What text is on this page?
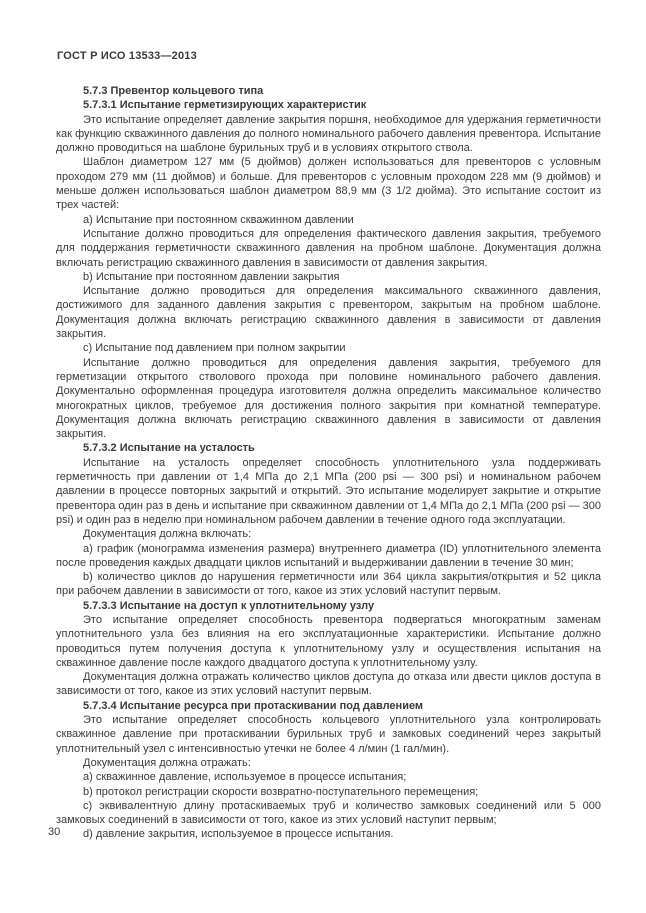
ГОСТ Р ИСО 13533—2013

5.7.3 Превентор кольцевого типа

5.7.3.1 Испытание герметизирующих характеристик

Это испытание определяет давление закрытия поршня, необходимое для удержания герметичности как функцию скважинного давления до полного номинального рабочего давления превентора. Испытание должно проводиться на шаблоне бурильных труб и в условиях открытого ствола.

Шаблон диаметром 127 мм (5 дюймов) должен использоваться для превенторов с условным проходом 279 мм (11 дюймов) и больше. Для превенторов с условным проходом 228 мм (9 дюймов) и меньше должен использоваться шаблон диаметром 88,9 мм (3 1/2 дюйма). Это испытание состоит из трех частей:

a) Испытание при постоянном скважинном давлении

Испытание должно проводиться для определения фактического давления закрытия, требуемого для поддержания герметичности скважинного давления на пробном шаблоне. Документация должна включать регистрацию скважинного давления в зависимости от давления закрытия.

b) Испытание при постоянном давлении закрытия

Испытание должно проводиться для определения максимального скважинного давления, достижимого для заданного давления закрытия с превентором, закрытым на пробном шаблоне. Документация должна включать регистрацию скважинного давления в зависимости от давления закрытия.

c) Испытание под давлением при полном закрытии

Испытание должно проводиться для определения давления закрытия, требуемого для герметизации открытого стволового прохода при половине номинального рабочего давления. Документально оформленная процедура изготовителя должна определить максимальное количество многократных циклов, требуемое для достижения полного закрытия при комнатной температуре. Документация должна включать регистрацию скважинного давления в зависимости от давления закрытия.

5.7.3.2 Испытание на усталость

Испытание на усталость определяет способность уплотнительного узла поддерживать герметичность при давлении от 1,4 МПа до 2,1 МПа (200 psi — 300 psi) и номинальном рабочем давлении в процессе повторных закрытий и открытий. Это испытание моделирует закрытие и открытие превентора один раз в день и испытание при скважинном давлении от 1,4 МПа до 2,1 МПа (200 psi — 300 psi) и один раз в неделю при номинальном рабочем давлении в течение одного года эксплуатации.

Документация должна включать:

a) график (монограмма изменения размера) внутреннего диаметра (ID) уплотнительного элемента после проведения каждых двадцати циклов испытаний и выдерживании давлении в течение 30 мин;

b) количество циклов до нарушения герметичности или 364 цикла закрытия/открытия и 52 цикла при рабочем давлении в зависимости от того, какое из этих условий наступит первым.

5.7.3.3 Испытание на доступ к уплотнительному узлу

Это испытание определяет способность превентора подвергаться многократным заменам уплотнительного узла без влияния на его эксплуатационные характеристики. Испытание должно проводиться путем получения доступа к уплотнительному узлу и осуществления испытания на скважинное давление после каждого двадцатого доступа к уплотнительному узлу.

Документация должна отражать количество циклов доступа до отказа или двести циклов доступа в зависимости от того, какое из этих условий наступит первым.

5.7.3.4 Испытание ресурса при протаскивании под давлением

Это испытание определяет способность кольцевого уплотнительного узла контролировать скважинное давление при протаскивании бурильных труб и замковых соединений через закрытый уплотнительный узел с интенсивностью утечки не более 4 л/мин (1 гал/мин).

Документация должна отражать:

a) скважинное давление, используемое в процессе испытания;

b) протокол регистрации скорости возвратно-поступательного перемещения;

c) эквивалентную длину протаскиваемых труб и количество замковых соединений или 5 000 замковых соединений в зависимости от того, какое из этих условий наступит первым;

d) давление закрытия, используемое в процессе испытания.

30
